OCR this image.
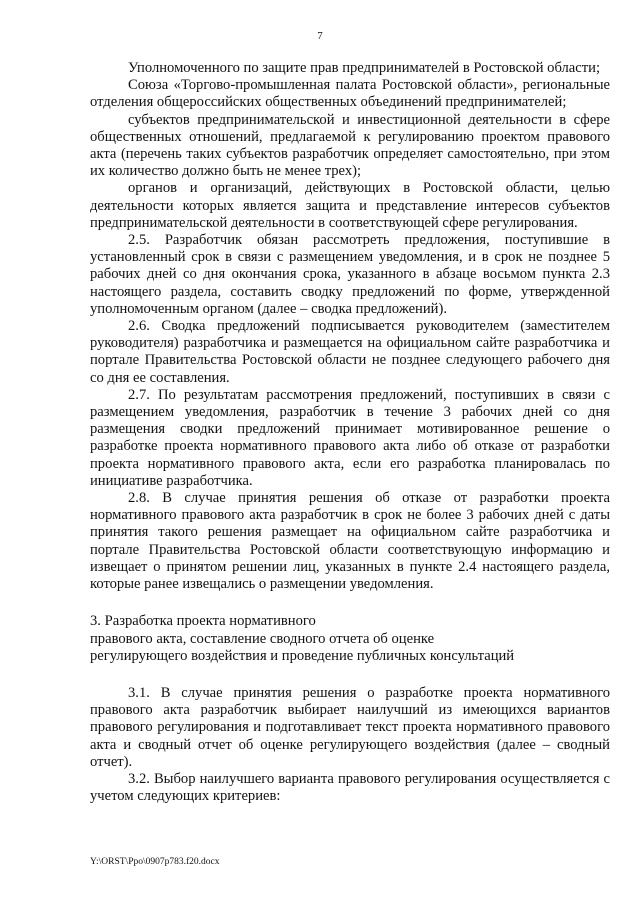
7

Уполномоченного по защите прав предпринимателей в Ростовской области;

Союза «Торгово-промышленная палата Ростовской области», региональные отделения общероссийских общественных объединений предпринимателей;

субъектов предпринимательской и инвестиционной деятельности в сфере общественных отношений, предлагаемой к регулированию проектом правового акта (перечень таких субъектов разработчик определяет самостоятельно, при этом их количество должно быть не менее трех);

органов и организаций, действующих в Ростовской области, целью деятельности которых является защита и представление интересов субъектов предпринимательской деятельности в соответствующей сфере регулирования.

2.5. Разработчик обязан рассмотреть предложения, поступившие в установленный срок в связи с размещением уведомления, и в срок не позднее 5 рабочих дней со дня окончания срока, указанного в абзаце восьмом пункта 2.3 настоящего раздела, составить сводку предложений по форме, утвержденной уполномоченным органом (далее – сводка предложений).

2.6. Сводка предложений подписывается руководителем (заместителем руководителя) разработчика и размещается на официальном сайте разработчика и портале Правительства Ростовской области не позднее следующего рабочего дня со дня ее составления.

2.7. По результатам рассмотрения предложений, поступивших в связи с размещением уведомления, разработчик в течение 3 рабочих дней со дня размещения сводки предложений принимает мотивированное решение о разработке проекта нормативного правового акта либо об отказе от разработки проекта нормативного правового акта, если его разработка планировалась по инициативе разработчика.

2.8. В случае принятия решения об отказе от разработки проекта нормативного правового акта разработчик в срок не более 3 рабочих дней с даты принятия такого решения размещает на официальном сайте разработчика и портале Правительства Ростовской области соответствующую информацию и извещает о принятом решении лиц, указанных в пункте 2.4 настоящего раздела, которые ранее извещались о размещении уведомления.

3. Разработка проекта нормативного
правового акта, составление сводного отчета об оценке
регулирующего воздействия и проведение публичных консультаций

3.1. В случае принятия решения о разработке проекта нормативного правового акта разработчик выбирает наилучший из имеющихся вариантов правового регулирования и подготавливает текст проекта нормативного правового акта и сводный отчет об оценке регулирующего воздействия (далее – сводный отчет).

3.2. Выбор наилучшего варианта правового регулирования осуществляется с учетом следующих критериев:

Y:\ORST\Ppo\0907p783.f20.docx
